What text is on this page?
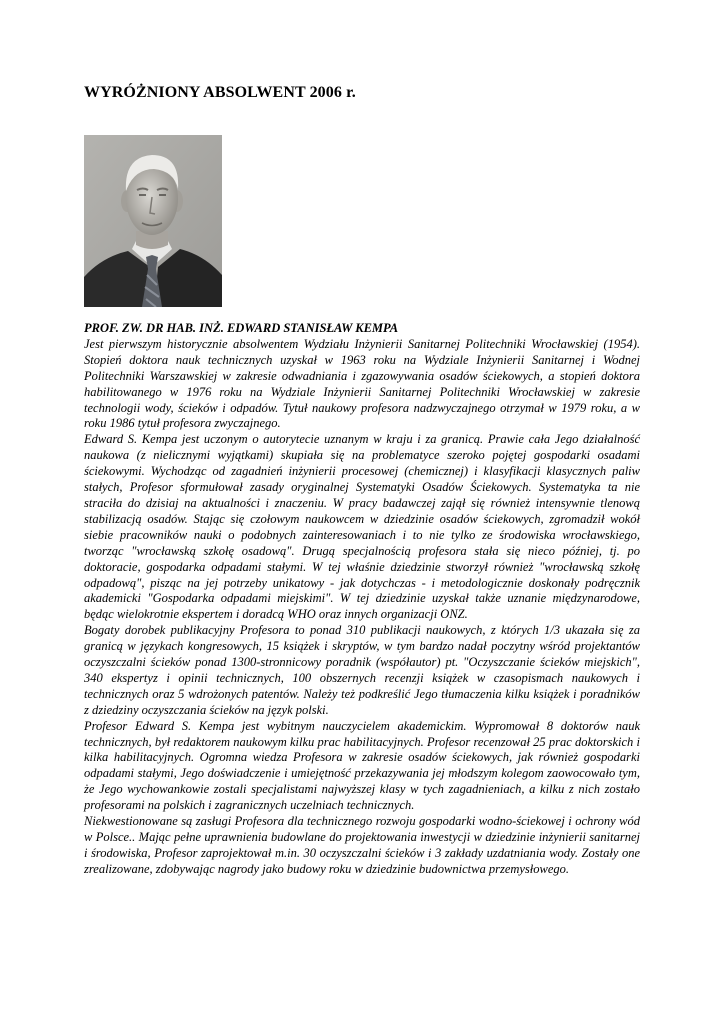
WYRÓŻNIONY ABSOLWENT 2006 r.

PROF. ZW. DR HAB. INŻ. EDWARD STANISŁAW KEMPA

Jest pierwszym historycznie absolwentem Wydziału Inżynierii Sanitarnej Politechniki Wrocławskiej (1954). Stopień doktora nauk technicznych uzyskał w 1963 roku na Wydziale Inżynierii Sanitarnej i Wodnej Politechniki Warszawskiej w zakresie odwadniania i zgazowywania osadów ściekowych, a stopień doktora habilitowanego w 1976 roku na Wydziale Inżynierii Sanitarnej Politechniki Wrocławskiej w zakresie technologii wody, ścieków i odpadów. Tytuł naukowy profesora nadzwyczajnego otrzymał w 1979 roku, a w roku 1986 tytuł profesora zwyczajnego.

Edward S. Kempa jest uczonym o autorytecie uznanym w kraju i za granicą. Prawie cała Jego działalność naukowa (z nielicznymi wyjątkami) skupiała się na problematyce szeroko pojętej gospodarki osadami ściekowymi. Wychodząc od zagadnień inżynierii procesowej (chemicznej) i klasyfikacji klasycznych paliw stałych, Profesor sformułował zasady oryginalnej Systematyki Osadów Ściekowych. Systematyka ta nie straciła do dzisiaj na aktualności i znaczeniu. W pracy badawczej zajął się również intensywnie tlenową stabilizacją osadów. Stając się czołowym naukowcem w dziedzinie osadów ściekowych, zgromadził wokół siebie pracowników nauki o podobnych zainteresowaniach i to nie tylko ze środowiska wrocławskiego, tworząc "wrocławską szkołę osadową". Drugą specjalnością profesora stała się nieco później, tj. po doktoracie, gospodarka odpadami stałymi. W tej właśnie dziedzinie stworzył również "wrocławską szkołę odpadową", pisząc na jej potrzeby unikatowy - jak dotychczas - i metodologicznie doskonały podręcznik akademicki "Gospodarka odpadami miejskimi". W tej dziedzinie uzyskał także uznanie międzynarodowe, będąc wielokrotnie ekspertem i doradcą WHO oraz innych organizacji ONZ.

Bogaty dorobek publikacyjny Profesora to ponad 310 publikacji naukowych, z których 1/3 ukazała się za granicą w językach kongresowych, 15 książek i skryptów, w tym bardzo nadał poczytny wśród projektantów oczyszczalni ścieków ponad 1300-stronnicowy poradnik (współautor) pt. "Oczyszczanie ścieków miejskich", 340 ekspertyz i opinii technicznych, 100 obszernych recenzji książek w czasopismach naukowych i technicznych oraz 5 wdrożonych patentów. Należy też podkreślić Jego tłumaczenia kilku książek i poradników z dziedziny oczyszczania ścieków na język polski.

Profesor Edward S. Kempa jest wybitnym nauczycielem akademickim. Wypromował 8 doktorów nauk technicznych, był redaktorem naukowym kilku prac habilitacyjnych. Profesor recenzował 25 prac doktorskich i kilka habilitacyjnych. Ogromna wiedza Profesora w zakresie osadów ściekowych, jak również gospodarki odpadami stałymi, Jego doświadczenie i umiejętność przekazywania jej młodszym kolegom zaowocowało tym, że Jego wychowankowie zostali specjalistami najwyższej klasy w tych zagadnieniach, a kilku z nich zostało profesorami na polskich i zagranicznych uczelniach technicznych.

Niekwestionowane są zasługi Profesora dla technicznego rozwoju gospodarki wodno-ściekowej i ochrony wód w Polsce.. Mając pełne uprawnienia budowlane do projektowania inwestycji w dziedzinie inżynierii sanitarnej i środowiska, Profesor zaprojektował m.in. 30 oczyszczalni ścieków i 3 zakłady uzdatniania wody. Zostały one zrealizowane, zdobywając nagrody jako budowy roku w dziedzinie budownictwa przemysłowego.
